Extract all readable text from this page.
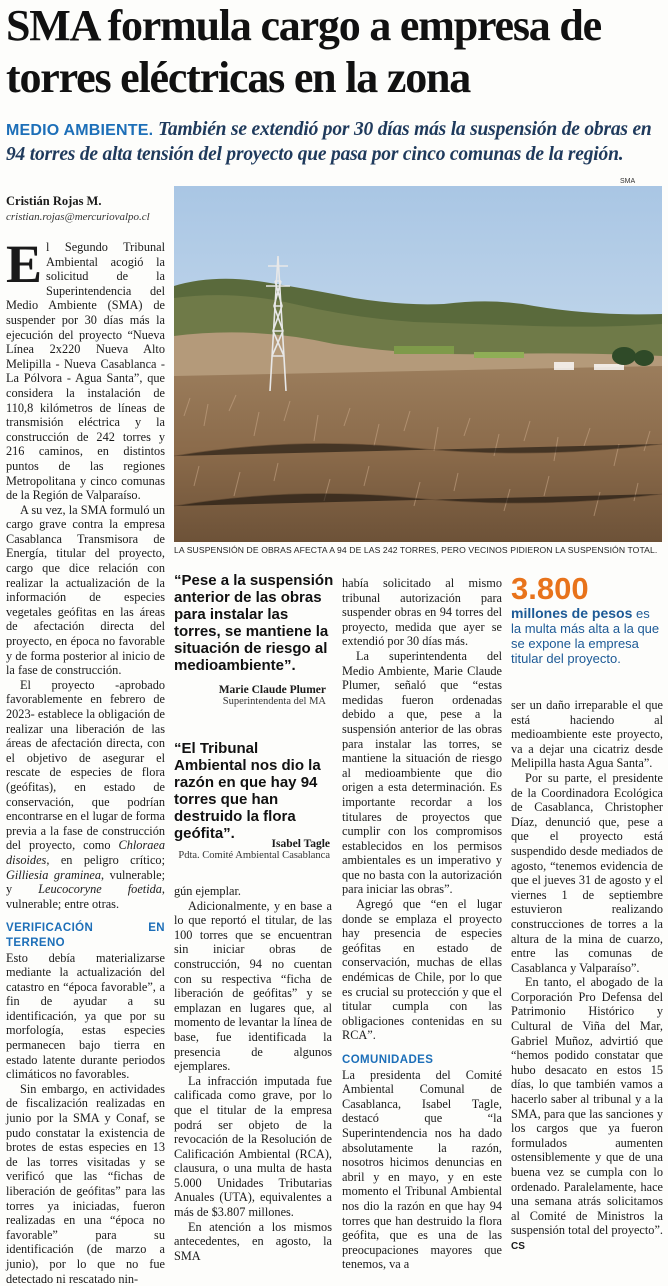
SMA formula cargo a empresa de torres eléctricas en la zona
MEDIO AMBIENTE. También se extendió por 30 días más la suspensión de obras en 94 torres de alta tensión del proyecto que pasa por cinco comunas de la región.
Cristián Rojas M.
cristian.rojas@mercuriovalpo.cl

El Segundo Tribunal Ambiental acogió la solicitud de la Superintendencia del Medio Ambiente (SMA) de suspender por 30 días más la ejecución del proyecto “Nueva Línea 2x220 Nueva Alto Melipilla - Nueva Casablanca - La Pólvora - Agua Santa”, que considera la instalación de 110,8 kilómetros de líneas de transmisión eléctrica y la construcción de 242 torres y 216 caminos, en distintos puntos de las regiones Metropolitana y cinco comunas de la Región de Valparaíso.

A su vez, la SMA formuló un cargo grave contra la empresa Casablanca Transmisora de Energía, titular del proyecto, cargo que dice relación con realizar la actualización de la información de especies vegetales geófitas en las áreas de afectación directa del proyecto, en época no favorable y de forma posterior al inicio de la fase de construcción.

El proyecto -aprobado favorablemente en febrero de 2023- establece la obligación de realizar una liberación de las áreas de afectación directa, con el objetivo de asegurar el rescate de especies de flora (geófitas), en estado de conservación, que podrían encontrarse en el lugar de forma previa a la fase de construcción del proyecto, como Chloraea disoides, en peligro crítico; Gilliesia graminea, vulnerable; y Leucocoryne foetida, vulnerable; entre otras.

VERIFICACIÓN EN TERRENO

Esto debía materializarse mediante la actualización del catastro en “época favorable”, a fin de ayudar a su identificación, ya que por su morfología, estas especies permanecen bajo tierra en estado latente durante periodos climáticos no favorables.

Sin embargo, en actividades de fiscalización realizadas en junio por la SMA y Conaf, se pudo constatar la existencia de brotes de estas especies en 13 de las torres visitadas y se verificó que las “fichas de liberación de geófitas” para las torres ya iniciadas, fueron realizadas en una “época no favorable” para su identificación (de marzo a junio), por lo que no fue detectado ni rescatado nin-

SMA
LA SUSPENSIÓN DE OBRAS AFECTA A 94 DE LAS 242 TORRES, PERO VECINOS PIDIERON LA SUSPENSIÓN TOTAL.
“Pese a la suspensión anterior de las obras para instalar las torres, se mantiene la situación de riesgo al medioambiente”.
Marie Claude Plumer
Superintendenta del MA
“El Tribunal Ambiental nos dio la razón en que hay 94 torres que han destruido la flora geófita”.
Isabel Tagle
Pdta. Comité Ambiental Casablanca

gún ejemplar.

Adicionalmente, y en base a lo que reportó el titular, de las 100 torres que se encuentran sin iniciar obras de construcción, 94 no cuentan con su respectiva “ficha de liberación de geófitas” y se emplazan en lugares que, al momento de levantar la línea de base, fue identificada la presencia de algunos ejemplares.

La infracción imputada fue calificada como grave, por lo que el titular de la empresa podrá ser objeto de la revocación de la Resolución de Calificación Ambiental (RCA), clausura, o una multa de hasta 5.000 Unidades Tributarias Anuales (UTA), equivalentes a más de $3.807 millones.

En atención a los mismos antecedentes, en agosto, la SMA

había solicitado al mismo tribunal autorización para suspender obras en 94 torres del proyecto, medida que ayer se extendió por 30 días más.

La superintendenta del Medio Ambiente, Marie Claude Plumer, señaló que “estas medidas fueron ordenadas debido a que, pese a la suspensión anterior de las obras para instalar las torres, se mantiene la situación de riesgo al medioambiente que dio origen a esta determinación. Es importante recordar a los titulares de proyectos que cumplir con los compromisos establecidos en los permisos ambientales es un imperativo y que no basta con la autorización para iniciar las obras”.

Agregó que “en el lugar donde se emplaza el proyecto hay presencia de especies geófitas en estado de conservación, muchas de ellas endémicas de Chile, por lo que es crucial su protección y que el titular cumpla con las obligaciones contenidas en su RCA”.

COMUNIDADES

La presidenta del Comité Ambiental Comunal de Casablanca, Isabel Tagle, destacó que “la Superintendencia nos ha dado absolutamente la razón, nosotros hicimos denuncias en abril y en mayo, y en este momento el Tribunal Ambiental nos dio la razón en que hay 94 torres que han destruido la flora geófita, que es una de las preocupaciones mayores que tenemos, va a

3.800
millones de pesos es la multa más alta a la que se expone la empresa titular del proyecto.

ser un daño irreparable el que está haciendo al medioambiente este proyecto, va a dejar una cicatriz desde Melipilla hasta Agua Santa”.

Por su parte, el presidente de la Coordinadora Ecológica de Casablanca, Christopher Díaz, denunció que, pese a que el proyecto está suspendido desde mediados de agosto, “tenemos evidencia de que el jueves 31 de agosto y el viernes 1 de septiembre estuvieron realizando construcciones de torres a la altura de la mina de cuarzo, entre las comunas de Casablanca y Valparaíso”.

En tanto, el abogado de la Corporación Pro Defensa del Patrimonio Histórico y Cultural de Viña del Mar, Gabriel Muñoz, advirtió que “hemos podido constatar que hubo desacato en estos 15 días, lo que también vamos a hacerlo saber al tribunal y a la SMA, para que las sanciones y los cargos que ya fueron formulados aumenten ostensiblemente y que de una buena vez se cumpla con lo ordenado. Paralelamente, hace una semana atrás solicitamos al Comité de Ministros la suspensión total del proyecto”. CS
